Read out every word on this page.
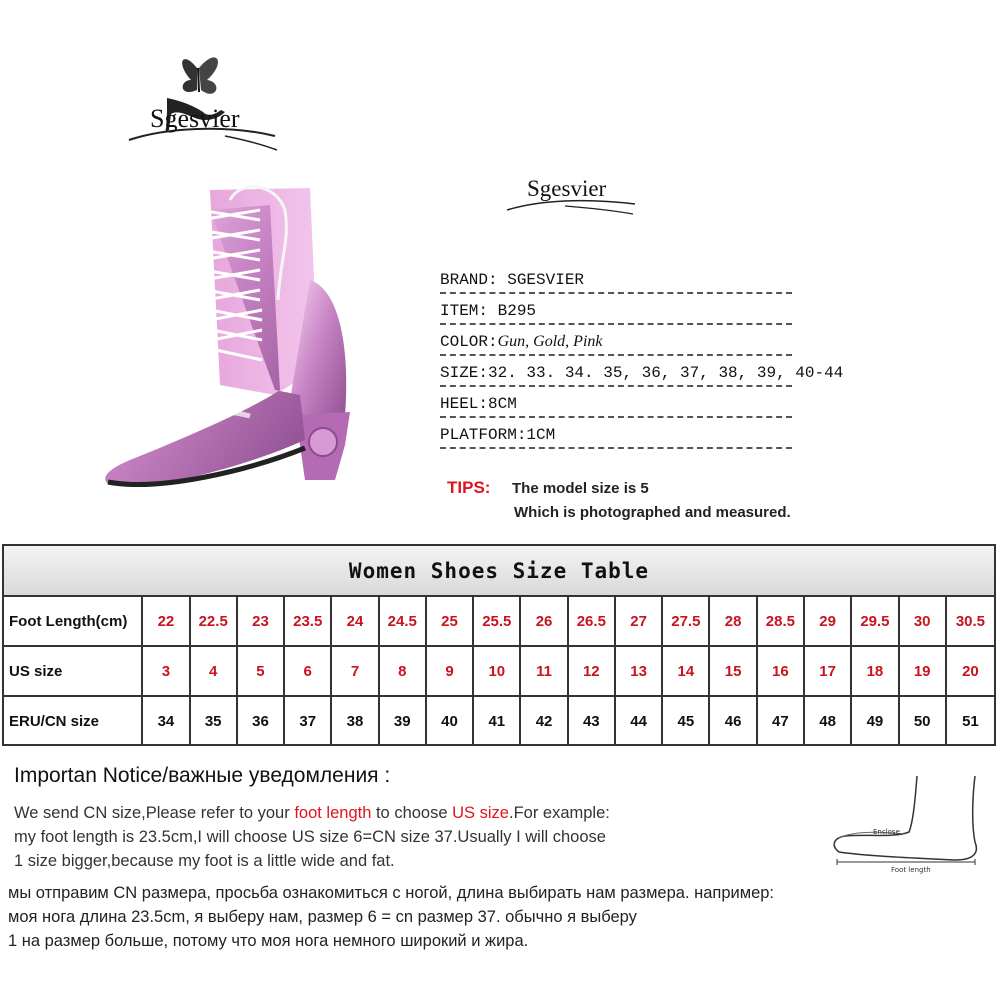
Sgesvier
Sgesvier
BRAND: SGESVIER
ITEM: B295
COLOR:Gun, Gold, Pink
SIZE:32. 33. 34. 35, 36, 37, 38, 39, 40-44
HEEL:8CM
PLATFORM:1CM
TIPS: The model size is 5
Which is photographed and measured.
Women Shoes Size Table
Foot Length(cm)	22	22.5	23	23.5	24	24.5	25	25.5	26	26.5	27	27.5	28	28.5	29	29.5	30	30.5
US size	3	4	5	6	7	8	9	10	11	12	13	14	15	16	17	18	19	20
ERU/CN size	34	35	36	37	38	39	40	41	42	43	44	45	46	47	48	49	50	51
Importan Notice/важные уведомления :
We send CN size,Please refer to your foot length to choose US size.For example:
my foot length is 23.5cm,I will choose US size 6=CN size 37.Usually I will choose
1 size bigger,because my foot is a little wide and fat.
мы отправим CN размера, просьба ознакомиться с ногой, длина выбирать нам размера. например:
моя нога длина 23.5cm, я выберу нам, размер 6 = cn размер 37. обычно я выберу
1 на размер больше, потому что моя нога немного широкий и жира.
Enclose
Foot length
